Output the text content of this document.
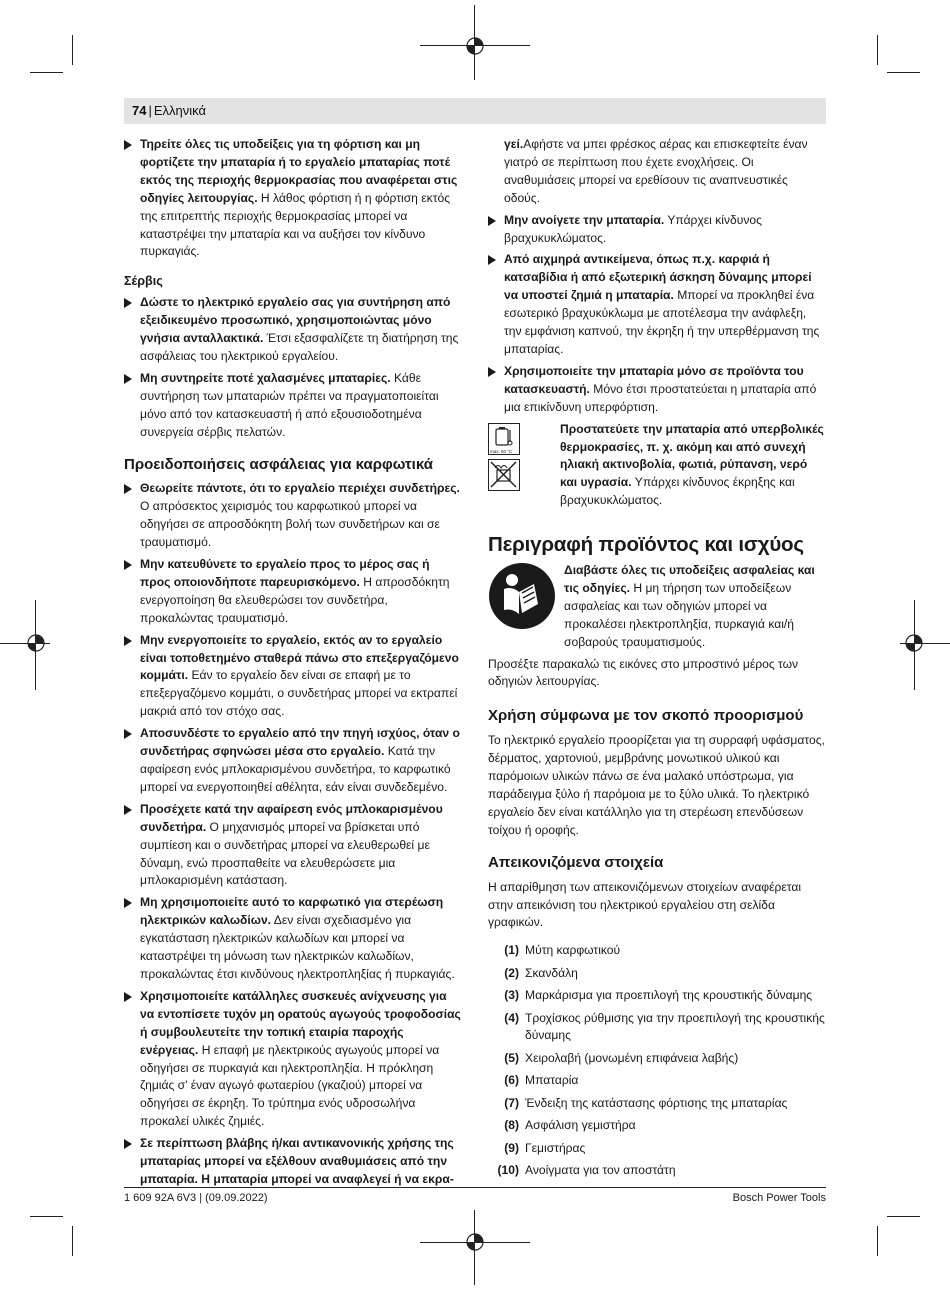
74 | Ελληνικά
Τηρείτε όλες τις υποδείξεις για τη φόρτιση και μη φορτίζετε την μπαταρία ή το εργαλείο μπαταρίας ποτέ εκτός της περιοχής θερμοκρασίας που αναφέρεται στις οδηγίες λειτουργίας. Η λάθος φόρτιση ή η φόρτιση εκτός της επιτρεπτής περιοχής θερμοκρασίας μπορεί να καταστρέψει την μπαταρία και να αυξήσει τον κίνδυνο πυρκαγιάς.
Σέρβις
Δώστε το ηλεκτρικό εργαλείο σας για συντήρηση από εξειδικευμένο προσωπικό, χρησιμοποιώντας μόνο γνήσια ανταλλακτικά. Έτσι εξασφαλίζετε τη διατήρηση της ασφάλειας του ηλεκτρικού εργαλείου.
Μη συντηρείτε ποτέ χαλασμένες μπαταρίες. Κάθε συντήρηση των μπαταριών πρέπει να πραγματοποιείται μόνο από τον κατασκευαστή ή από εξουσιοδοτημένα συνεργεία σέρβις πελατών.
Προειδοποιήσεις ασφάλειας για καρφωτικά
Θεωρείτε πάντοτε, ότι το εργαλείο περιέχει συνδετήρες. Ο απρόσεκτος χειρισμός του καρφωτικού μπορεί να οδηγήσει σε απροσδόκητη βολή των συνδετήρων και σε τραυματισμό.
Μην κατευθύνετε το εργαλείο προς το μέρος σας ή προς οποιονδήποτε παρευρισκόμενο. Η απροσδόκητη ενεργοποίηση θα ελευθερώσει τον συνδετήρα, προκαλώντας τραυματισμό.
Μην ενεργοποιείτε το εργαλείο, εκτός αν το εργαλείο είναι τοποθετημένο σταθερά πάνω στο επεξεργαζόμενο κομμάτι. Εάν το εργαλείο δεν είναι σε επαφή με το επεξεργαζόμενο κομμάτι, ο συνδετήρας μπορεί να εκτραπεί μακριά από τον στόχο σας.
Αποσυνδέστε το εργαλείο από την πηγή ισχύος, όταν ο συνδετήρας σφηνώσει μέσα στο εργαλείο. Κατά την αφαίρεση ενός μπλοκαρισμένου συνδετήρα, το καρφωτικό μπορεί να ενεργοποιηθεί αθέλητα, εάν είναι συνδεδεμένο.
Προσέχετε κατά την αφαίρεση ενός μπλοκαρισμένου συνδετήρα. Ο μηχανισμός μπορεί να βρίσκεται υπό συμπίεση και ο συνδετήρας μπορεί να ελευθερωθεί με δύναμη, ενώ προσπαθείτε να ελευθερώσετε μια μπλοκαρισμένη κατάσταση.
Μη χρησιμοποιείτε αυτό το καρφωτικό για στερέωση ηλεκτρικών καλωδίων. Δεν είναι σχεδιασμένο για εγκατάσταση ηλεκτρικών καλωδίων και μπορεί να καταστρέψει τη μόνωση των ηλεκτρικών καλωδίων, προκαλώντας έτσι κινδύνους ηλεκτροπληξίας ή πυρκαγιάς.
Χρησιμοποιείτε κατάλληλες συσκευές ανίχνευσης για να εντοπίσετε τυχόν μη ορατούς αγωγούς τροφοδοσίας ή συμβουλευτείτε την τοπική εταιρία παροχής ενέργειας. Η επαφή με ηλεκτρικούς αγωγούς μπορεί να οδηγήσει σε πυρκαγιά και ηλεκτροπληξία. Η πρόκληση ζημιάς σ’ έναν αγωγό φωταερίου (γκαζιού) μπορεί να οδηγήσει σε έκρηξη. Το τρύπημα ενός υδροσωλήνα προκαλεί υλικές ζημιές.
Σε περίπτωση βλάβης ή/και αντικανονικής χρήσης της μπαταρίας μπορεί να εξέλθουν αναθυμιάσεις από την μπαταρία. Η μπαταρία μπορεί να αναφλεγεί ή να εκρα-
γεί.Αφήστε να μπει φρέσκος αέρας και επισκεφτείτε έναν γιατρό σε περίπτωση που έχετε ενοχλήσεις. Οι αναθυμιάσεις μπορεί να ερεθίσουν τις αναπνευστικές οδούς.
Μην ανοίγετε την μπαταρία. Υπάρχει κίνδυνος βραχυκυκλώματος.
Από αιχμηρά αντικείμενα, όπως π.χ. καρφιά ή κατσαβίδια ή από εξωτερική άσκηση δύναμης μπορεί να υποστεί ζημιά η μπαταρία. Μπορεί να προκληθεί ένα εσωτερικό βραχυκύκλωμα με αποτέλεσμα την ανάφλεξη, την εμφάνιση καπνού, την έκρηξη ή την υπερθέρμανση της μπαταρίας.
Χρησιμοποιείτε την μπαταρία μόνο σε προϊόντα του κατασκευαστή. Μόνο έτσι προστατεύεται η μπαταρία από μια επικίνδυνη υπερφόρτιση.
max. 50 °C
Προστατεύετε την μπαταρία από υπερβολικές θερμοκρασίες, π. χ. ακόμη και από συνεχή ηλιακή ακτινοβολία, φωτιά, ρύπανση, νερό και υγρασία. Υπάρχει κίνδυνος έκρηξης και βραχυκυκλώματος.
Περιγραφή προϊόντος και ισχύος
Διαβάστε όλες τις υποδείξεις ασφαλείας και τις οδηγίες. Η μη τήρηση των υποδείξεων ασφαλείας και των οδηγιών μπορεί να προκαλέσει ηλεκτροπληξία, πυρκαγιά και/ή σοβαρούς τραυματισμούς.
Προσέξτε παρακαλώ τις εικόνες στο μπροστινό μέρος των οδηγιών λειτουργίας.
Χρήση σύμφωνα με τον σκοπό προορισμού
Το ηλεκτρικό εργαλείο προορίζεται για τη συρραφή υφάσματος, δέρματος, χαρτονιού, μεμβράνης μονωτικού υλικού και παρόμοιων υλικών πάνω σε ένα μαλακό υπόστρωμα, για παράδειγμα ξύλο ή παρόμοια με το ξύλο υλικά. Το ηλεκτρικό εργαλείο δεν είναι κατάλληλο για τη στερέωση επενδύσεων τοίχου ή οροφής.
Απεικονιζόμενα στοιχεία
Η απαρίθμηση των απεικονιζόμενων στοιχείων αναφέρεται στην απεικόνιση του ηλεκτρικού εργαλείου στη σελίδα γραφικών.
(1) Μύτη καρφωτικού
(2) Σκανδάλη
(3) Μαρκάρισμα για προεπιλογή της κρουστικής δύναμης
(4) Τροχίσκος ρύθμισης για την προεπιλογή της κρουστικής δύναμης
(5) Χειρολαβή (μονωμένη επιφάνεια λαβής)
(6) Μπαταρία
(7) Ένδειξη της κατάστασης φόρτισης της μπαταρίας
(8) Ασφάλιση γεμιστήρα
(9) Γεμιστήρας
(10) Ανοίγματα για τον αποστάτη
1 609 92A 6V3 | (09.09.2022)	Bosch Power Tools
